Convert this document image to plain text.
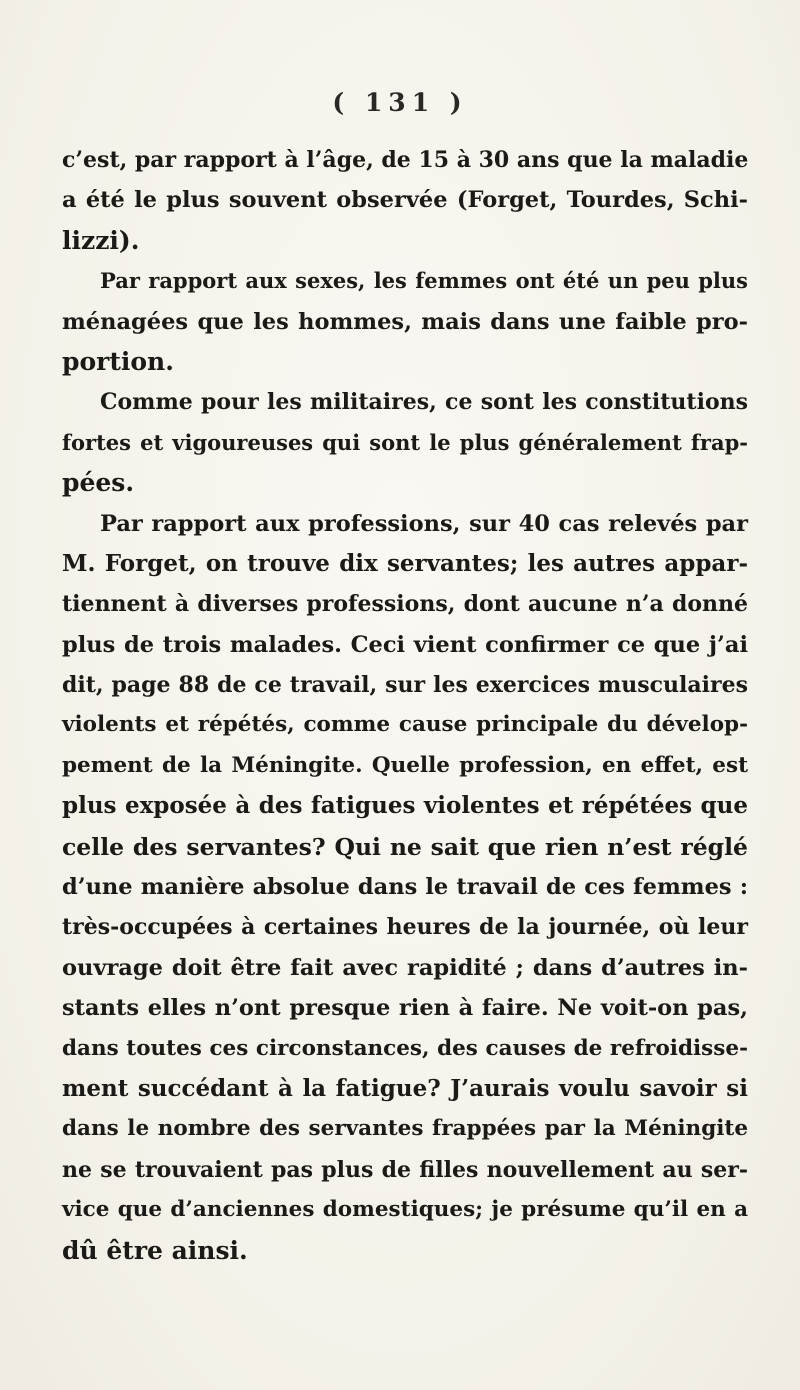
( 131 )
c’est, par rapport à l’âge, de 15 à 30 ans que la maladie
a été le plus souvent observée (Forget, Tourdes, Schi-
lizzi).
Par rapport aux sexes, les femmes ont été un peu plus
ménagées que les hommes, mais dans une faible pro-
portion.
Comme pour les militaires, ce sont les constitutions
fortes et vigoureuses qui sont le plus généralement frap-
pées.
Par rapport aux professions, sur 40 cas relevés par
M. Forget, on trouve dix servantes; les autres appar-
tiennent à diverses professions, dont aucune n’a donné
plus de trois malades. Ceci vient confirmer ce que j’ai
dit, page 88 de ce travail, sur les exercices musculaires
violents et répétés, comme cause principale du dévelop-
pement de la Méningite. Quelle profession, en effet, est
plus exposée à des fatigues violentes et répétées que
celle des servantes? Qui ne sait que rien n’est réglé
d’une manière absolue dans le travail de ces femmes :
très-occupées à certaines heures de la journée, où leur
ouvrage doit être fait avec rapidité ; dans d’autres in-
stants elles n’ont presque rien à faire. Ne voit-on pas,
dans toutes ces circonstances, des causes de refroidisse-
ment succédant à la fatigue? J’aurais voulu savoir si
dans le nombre des servantes frappées par la Méningite
ne se trouvaient pas plus de filles nouvellement au ser-
vice que d’anciennes domestiques; je présume qu’il en a
dû être ainsi.
